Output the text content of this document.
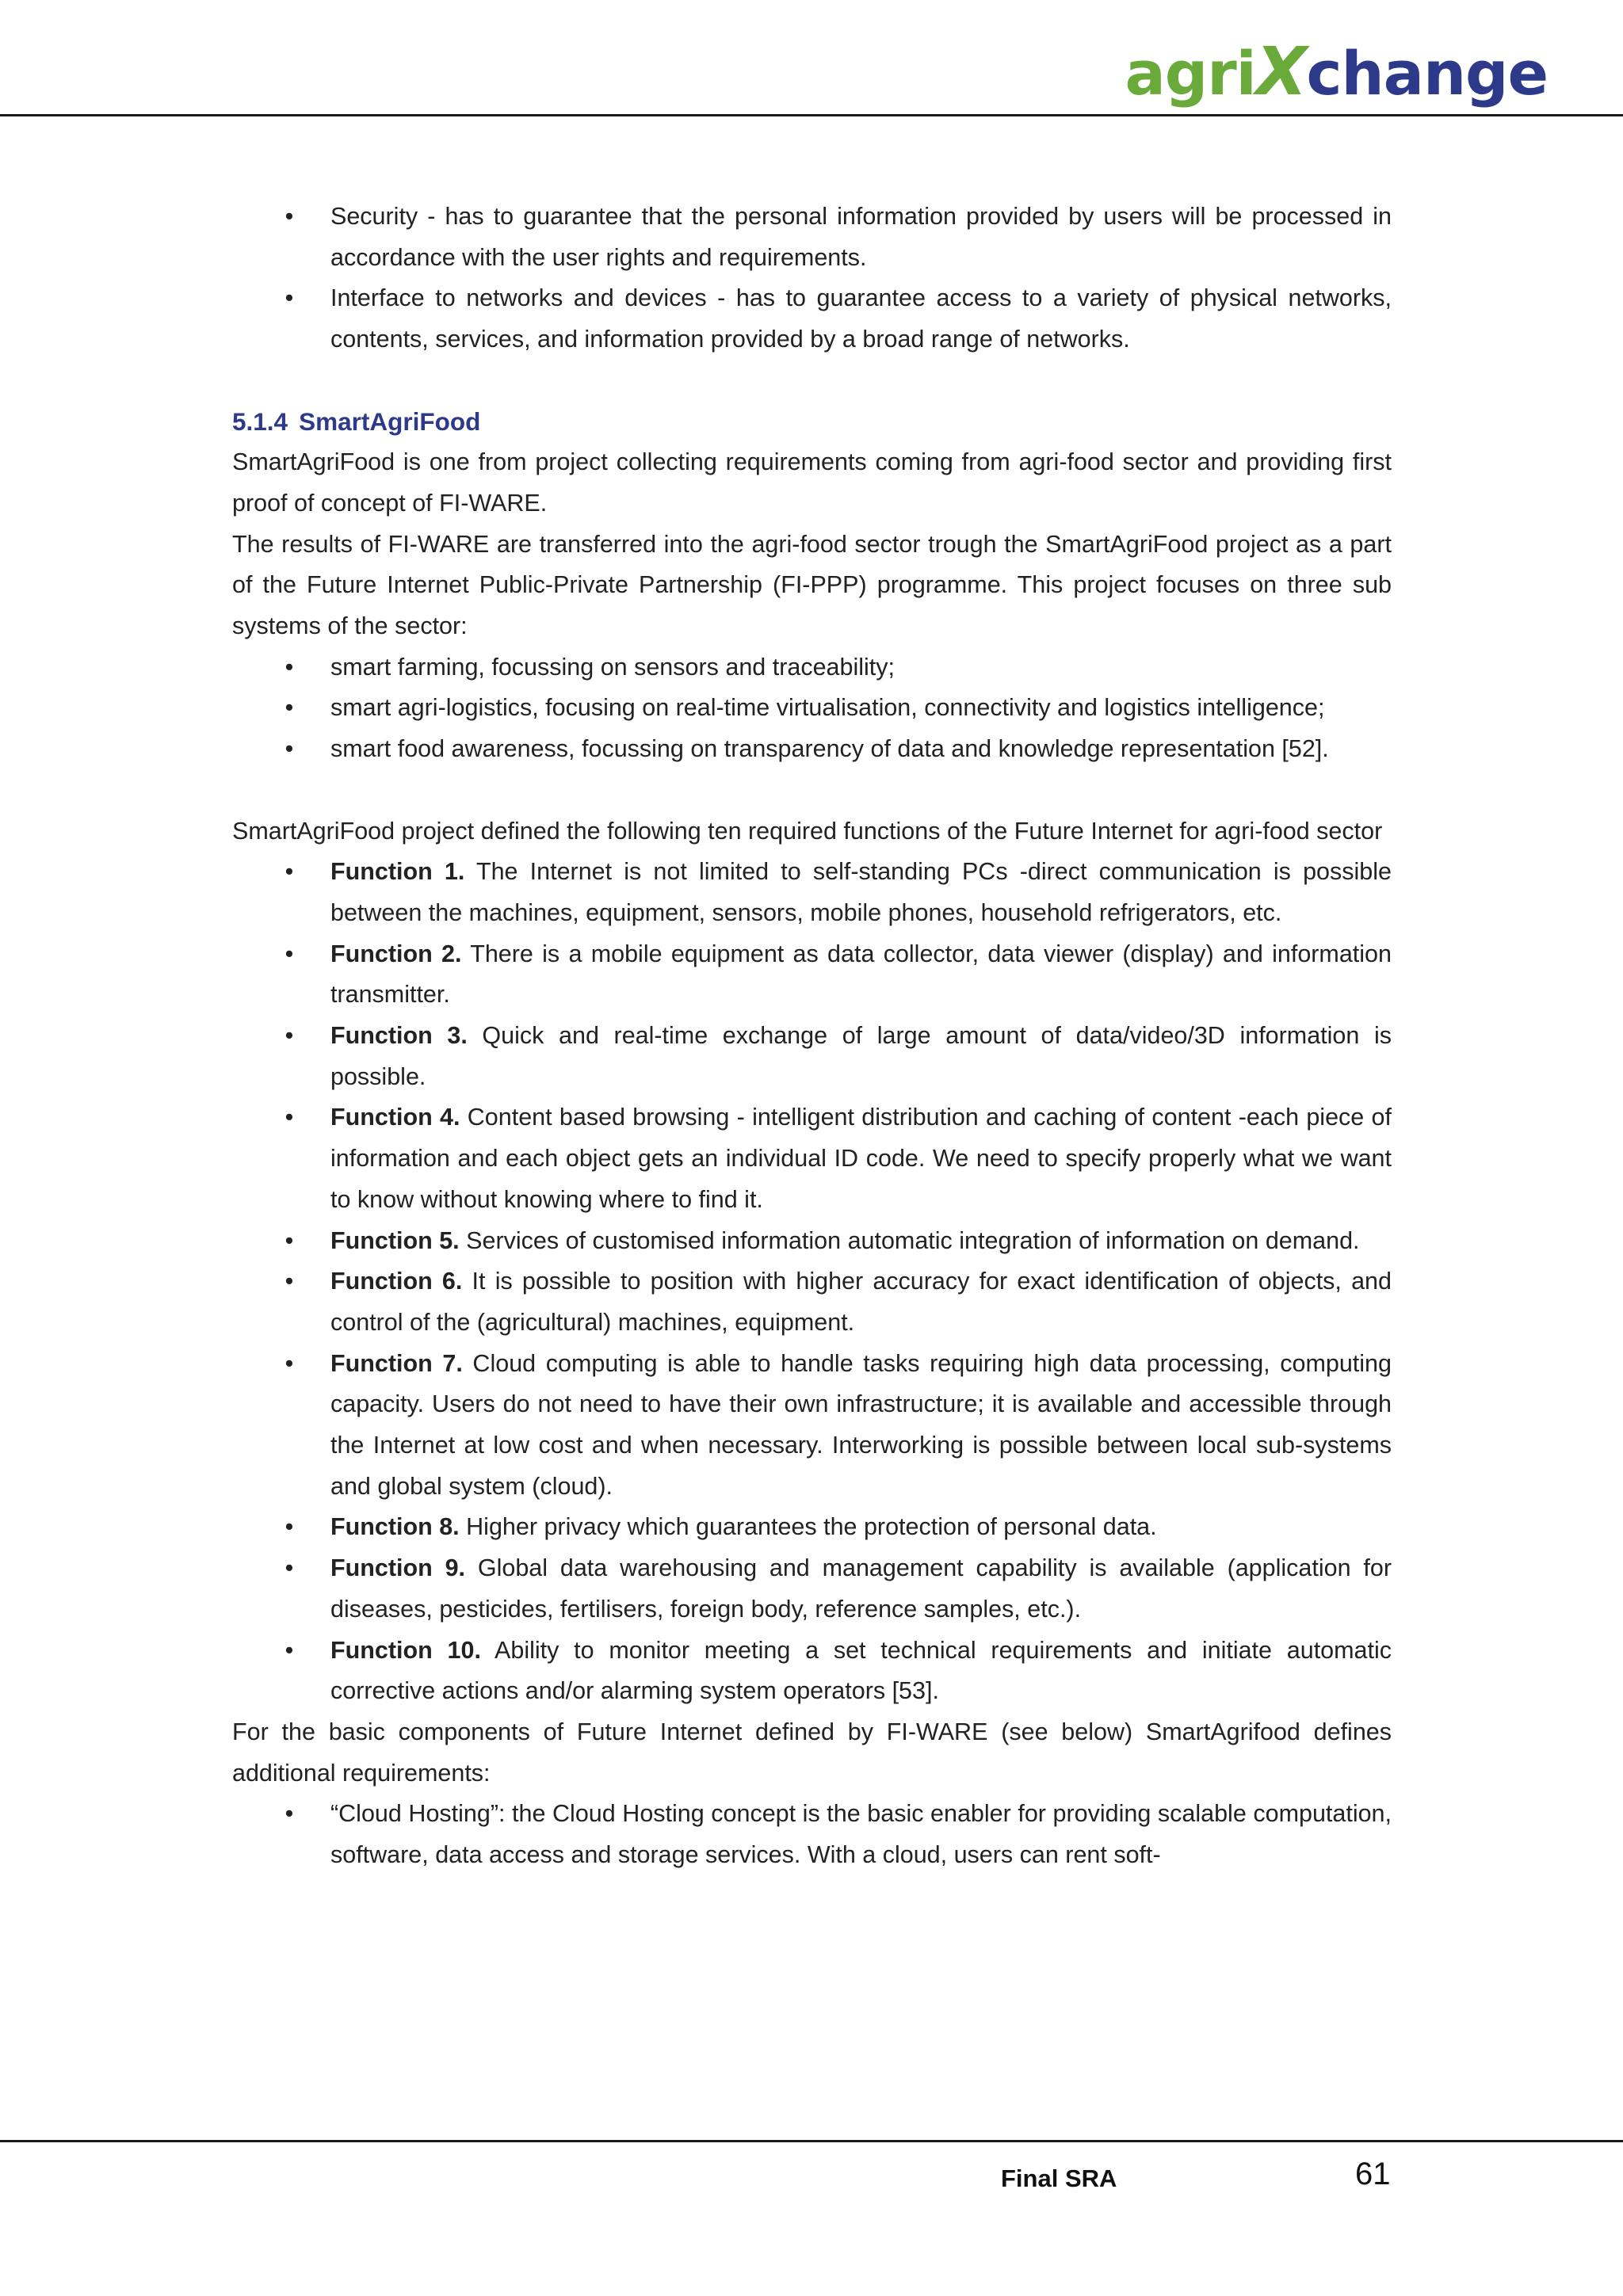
agriXchange
• Security - has to guarantee that the personal information provided by users will be processed in accordance with the user rights and requirements.
• Interface to networks and devices - has to guarantee access to a variety of physical networks, contents, services, and information provided by a broad range of networks.

5.1.4 SmartAgriFood

SmartAgriFood is one from project collecting requirements coming from agri-food sector and providing first proof of concept of FI-WARE.

The results of FI-WARE are transferred into the agri-food sector trough the SmartAgriFood project as a part of the Future Internet Public-Private Partnership (FI-PPP) programme. This project focuses on three sub systems of the sector:

• smart farming, focussing on sensors and traceability;
• smart agri-logistics, focusing on real-time virtualisation, connectivity and logistics intelligence;
• smart food awareness, focussing on transparency of data and knowledge representation [52].

SmartAgriFood project defined the following ten required functions of the Future Internet for agri-food sector

• Function 1. The Internet is not limited to self-standing PCs -direct communication is possible between the machines, equipment, sensors, mobile phones, household refrigerators, etc.
• Function 2. There is a mobile equipment as data collector, data viewer (display) and information transmitter.
• Function 3. Quick and real-time exchange of large amount of data/video/3D information is possible.
• Function 4. Content based browsing - intelligent distribution and caching of content -each piece of information and each object gets an individual ID code. We need to specify properly what we want to know without knowing where to find it.
• Function 5. Services of customised information automatic integration of information on demand.
• Function 6. It is possible to position with higher accuracy for exact identification of objects, and control of the (agricultural) machines, equipment.
• Function 7. Cloud computing is able to handle tasks requiring high data processing, computing capacity. Users do not need to have their own infrastructure; it is available and accessible through the Internet at low cost and when necessary. Interworking is possible between local sub-systems and global system (cloud).
• Function 8. Higher privacy which guarantees the protection of personal data.
• Function 9. Global data warehousing and management capability is available (application for diseases, pesticides, fertilisers, foreign body, reference samples, etc.).
• Function 10. Ability to monitor meeting a set technical requirements and initiate automatic corrective actions and/or alarming system operators [53].

For the basic components of Future Internet defined by FI-WARE (see below) SmartAgrifood defines additional requirements:

• “Cloud Hosting”: the Cloud Hosting concept is the basic enabler for providing scalable computation, software, data access and storage services. With a cloud, users can rent soft-
Final SRA	61
